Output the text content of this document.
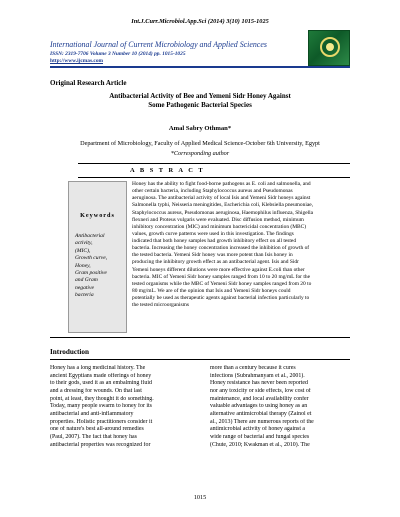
Int.J.Curr.Microbiol.App.Sci (2014) 3(10) 1015-1025
International Journal of Current Microbiology and Applied Sciences
ISSN: 2319-7706 Volume 3 Number 10 (2014) pp. 1015-1025
http://www.ijcmas.com
Original Research Article
Antibacterial Activity of Bee and Yemeni Sidr Honey Against
Some Pathogenic Bacterial Species
Amal Sabry Othman*
Department of Microbiology, Faculty of Applied Medical Science-October 6th University, Egypt
*Corresponding author
A B S T R A C T
Keywords
Antibacterial
activity,
(MIC),
Growth curve,
Honey,
Gram positive
and Gram
negative
bacteria
Honey has the ability to fight food-borne pathogens as E. coli and salmonella, and
other certain bacteria, including Staphylococcus aureus and Pseudomonas
aeruginosa. The antibacterial activity of local Isis and Yemeni Sidr honeys against
Salmonella typhi, Neisseria meningitides, Escherichia coli, Klebsiella pneumoniae,
Staphylococcus aureus, Pseudomonas aeruginosa, Haemophilus influenza, Shigella
flexneri and Proteus vulgaris were evaluated. Disc diffusion method, minimum
inhibitory concentration (MIC) and minimum bactericidal concentration (MBC)
values, growth curve patterns were used in this investigation. The findings
indicated that both honey samples had growth inhibitory effect on all tested
bacteria. Increasing the honey concentration increased the inhibition of growth of
the tested bacteria. Yemeni Sidr honey was more potent than Isis honey in
producing the inhibitory growth effect as an antibacterial agent. Isis and Sidr
Yemeni honeys different dilutions were more effective against E.coli than other
bacteria. MIC of Yemeni Sidr honey samples ranged from 10 to 20 mg/mL for the
tested organisms while the MBC of Yemeni Sidr honey samples ranged from 20 to
80 mg/mL. We are of the opinion that Isis and Yemeni Sidr honeys could
potentially be used as therapeutic agents against bacterial infection particularly to
the tested microorganisms
Introduction
Honey has a long medicinal history. The
ancient Egyptians made offerings of honey
to their gods, used it as an embalming fluid
and a dressing for wounds. On that last
point, at least, they thought it do something.
Today, many people swarm to honey for its
antibacterial and anti-inflammatory
properties. Holistic practitioners consider it
one of nature's best all-around remedies
(Paul, 2007). The fact that honey has
antibacterial properties was recognized for
more than a century because it cures
infections (Subrahmanyam et al., 2001).
Honey resistance has never been reported
nor any toxicity or side effects, low cost of
maintenance, and local availability confer
valuable advantages to using honey as an
alternative antimicrobial therapy (Zainol et
al., 2013) There are numerous reports of the
antimicrobial activity of honey against a
wide range of bacterial and fungal species
(Chute, 2010; Kwakman et al., 2010). The
1015
